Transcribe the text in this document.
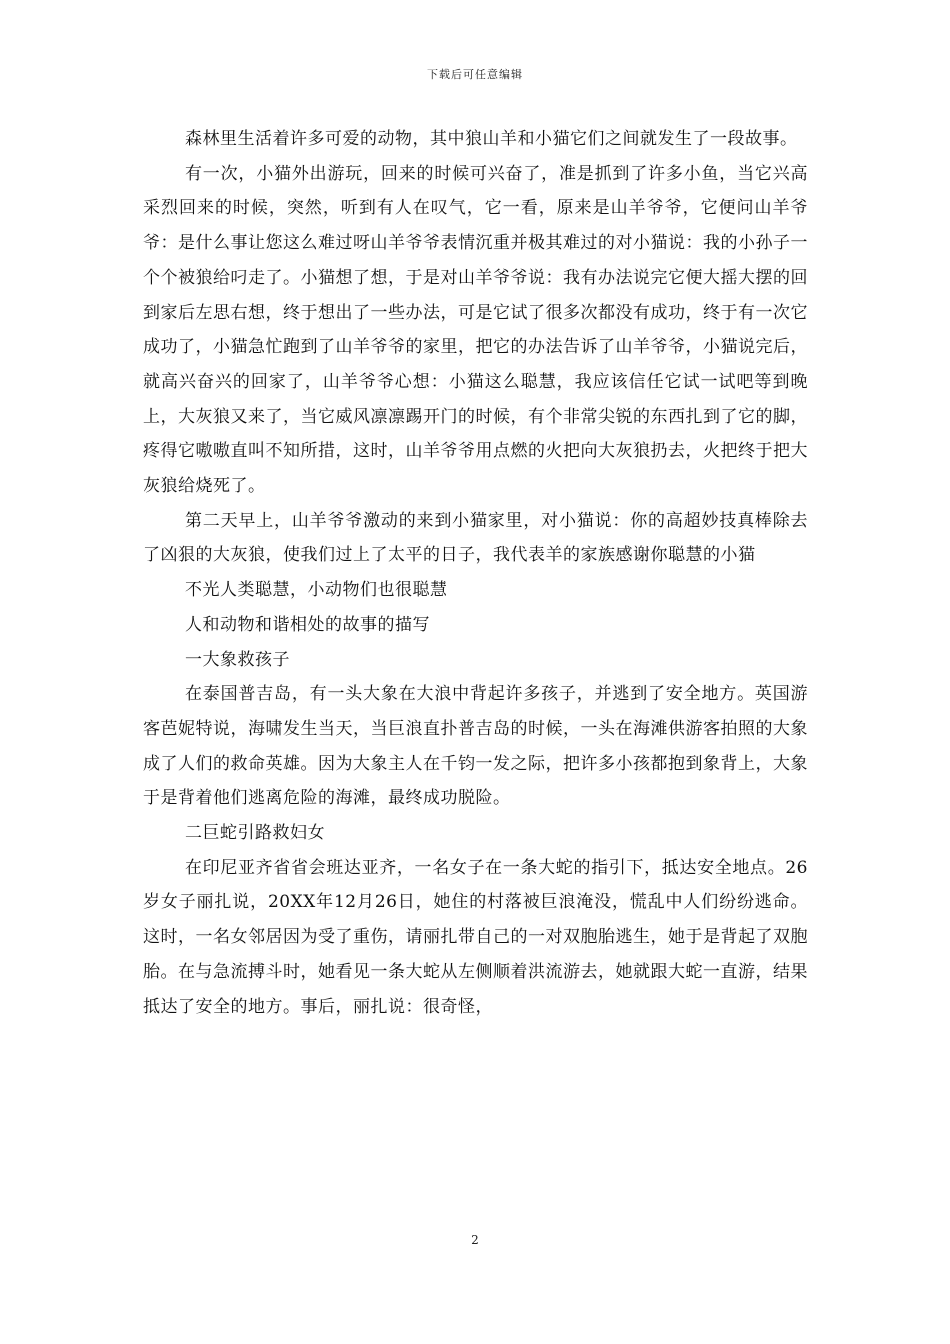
下载后可任意编辑

森林里生活着许多可爱的动物，其中狼山羊和小猫它们之间就发生了一段故事。

有一次，小猫外出游玩，回来的时候可兴奋了，准是抓到了许多小鱼，当它兴高采烈回来的时候，突然，听到有人在叹气，它一看，原来是山羊爷爷，它便问山羊爷爷：是什么事让您这么难过呀山羊爷爷表情沉重并极其难过的对小猫说：我的小孙子一个个被狼给叼走了。小猫想了想，于是对山羊爷爷说：我有办法说完它便大摇大摆的回到家后左思右想，终于想出了一些办法，可是它试了很多次都没有成功，终于有一次它成功了，小猫急忙跑到了山羊爷爷的家里，把它的办法告诉了山羊爷爷，小猫说完后，就高兴奋兴的回家了，山羊爷爷心想：小猫这么聪慧，我应该信任它试一试吧等到晚上，大灰狼又来了，当它威风凛凛踢开门的时候，有个非常尖锐的东西扎到了它的脚，疼得它嗷嗷直叫不知所措，这时，山羊爷爷用点燃的火把向大灰狼扔去，火把终于把大灰狼给烧死了。

第二天早上，山羊爷爷激动的来到小猫家里，对小猫说：你的高超妙技真棒除去了凶狠的大灰狼，使我们过上了太平的日子，我代表羊的家族感谢你聪慧的小猫

不光人类聪慧，小动物们也很聪慧

人和动物和谐相处的故事的描写

一大象救孩子

在泰国普吉岛，有一头大象在大浪中背起许多孩子，并逃到了安全地方。英国游客芭妮特说，海啸发生当天，当巨浪直扑普吉岛的时候，一头在海滩供游客拍照的大象成了人们的救命英雄。因为大象主人在千钧一发之际，把许多小孩都抱到象背上，大象于是背着他们逃离危险的海滩，最终成功脱险。

二巨蛇引路救妇女

在印尼亚齐省省会班达亚齐，一名女子在一条大蛇的指引下，抵达安全地点。26岁女子丽扎说，20XX年12月26日，她住的村落被巨浪淹没，慌乱中人们纷纷逃命。这时，一名女邻居因为受了重伤，请丽扎带自己的一对双胞胎逃生，她于是背起了双胞胎。在与急流搏斗时，她看见一条大蛇从左侧顺着洪流游去，她就跟大蛇一直游，结果抵达了安全的地方。事后，丽扎说：很奇怪，

2
